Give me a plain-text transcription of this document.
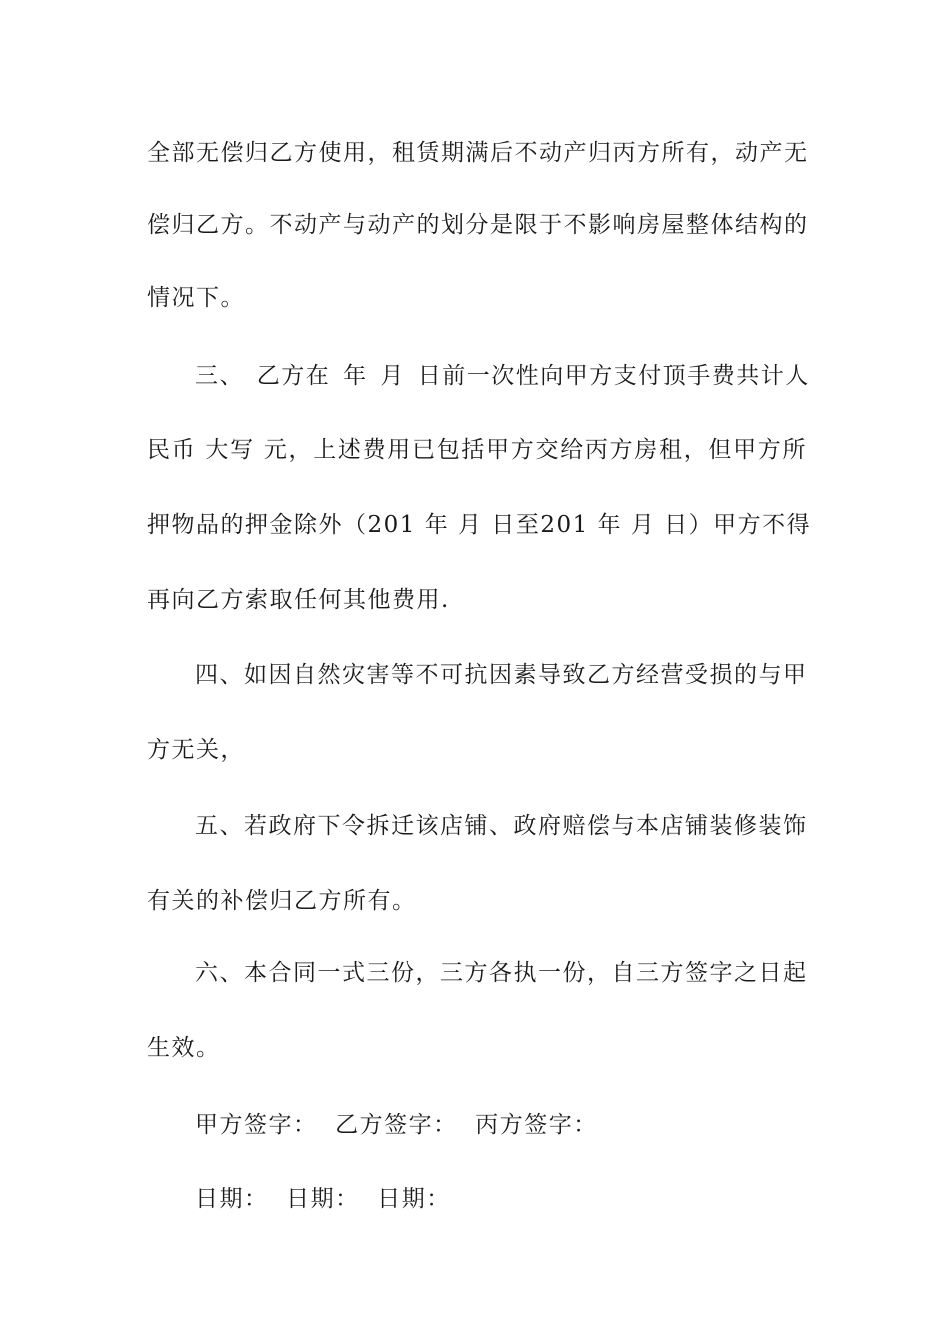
全部无偿归乙方使用，租赁期满后不动产归丙方所有，动产无
偿归乙方。不动产与动产的划分是限于不影响房屋整体结构的
情况下。
三、 乙方在 年 月 日前一次性向甲方支付顶手费共计人
民币 大写 元，上述费用已包括甲方交给丙方房租，但甲方所
押物品的押金除外（201 年 月 日至201 年 月 日）甲方不得
再向乙方索取任何其他费用.
四、如因自然灾害等不可抗因素导致乙方经营受损的与甲
方无关，
五、若政府下令拆迁该店铺、政府赔偿与本店铺装修装饰
有关的补偿归乙方所有。
六、本合同一式三份，三方各执一份，自三方签字之日起
生效。
甲方签字：  乙方签字：  丙方签字：
日期：  日期：  日期：
